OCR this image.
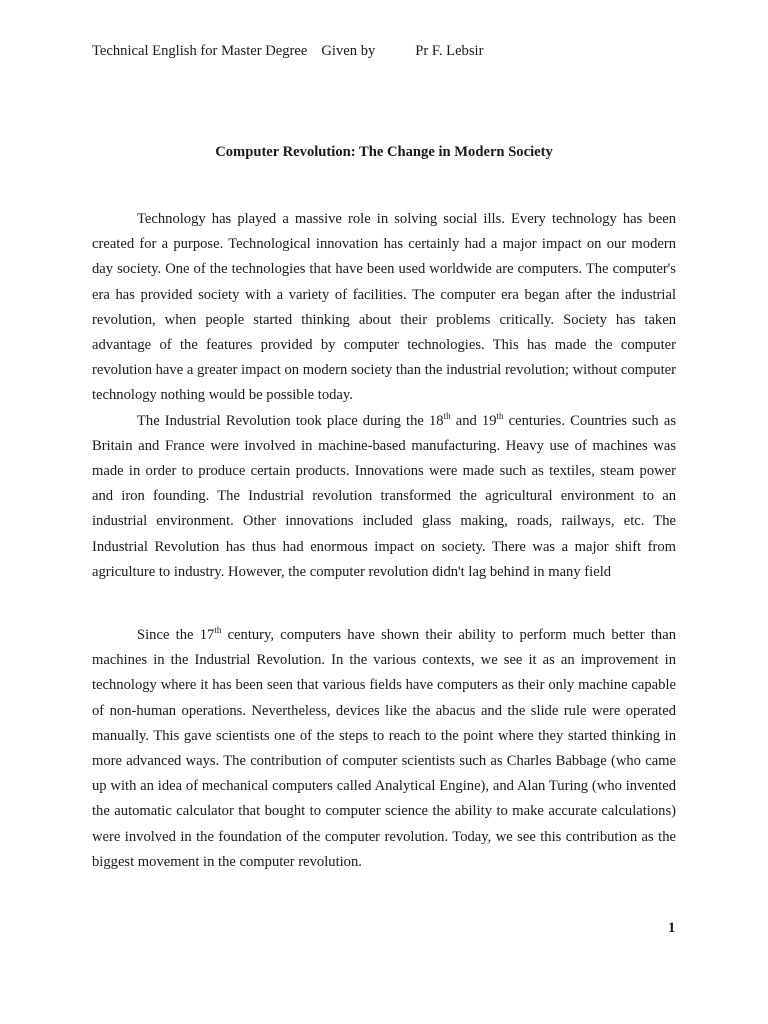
Technical English for Master Degree Given by	Pr F. Lebsir
Computer Revolution: The Change in Modern Society

Technology has played a massive role in solving social ills. Every technology has been created for a purpose. Technological innovation has certainly had a major impact on our modern day society. One of the technologies that have been used worldwide are computers. The computer's era has provided society with a variety of facilities. The computer era began after the industrial revolution, when people started thinking about their problems critically. Society has taken advantage of the features provided by computer technologies. This has made the computer revolution have a greater impact on modern society than the industrial revolution; without computer technology nothing would be possible today.

The Industrial Revolution took place during the 18th and 19th centuries. Countries such as Britain and France were involved in machine-based manufacturing. Heavy use of machines was made in order to produce certain products. Innovations were made such as textiles, steam power and iron founding. The Industrial revolution transformed the agricultural environment to an industrial environment. Other innovations included glass making, roads, railways, etc. The Industrial Revolution has thus had enormous impact on society. There was a major shift from agriculture to industry. However, the computer revolution didn't lag behind in many field

Since the 17th century, computers have shown their ability to perform much better than machines in the Industrial Revolution. In the various contexts, we see it as an improvement in technology where it has been seen that various fields have computers as their only machine capable of non-human operations. Nevertheless, devices like the abacus and the slide rule were operated manually. This gave scientists one of the steps to reach to the point where they started thinking in more advanced ways. The contribution of computer scientists such as Charles Babbage (who came up with an idea of mechanical computers called Analytical Engine), and Alan Turing (who invented the automatic calculator that bought to computer science the ability to make accurate calculations) were involved in the foundation of the computer revolution. Today, we see this contribution as the biggest movement in the computer revolution.

1
